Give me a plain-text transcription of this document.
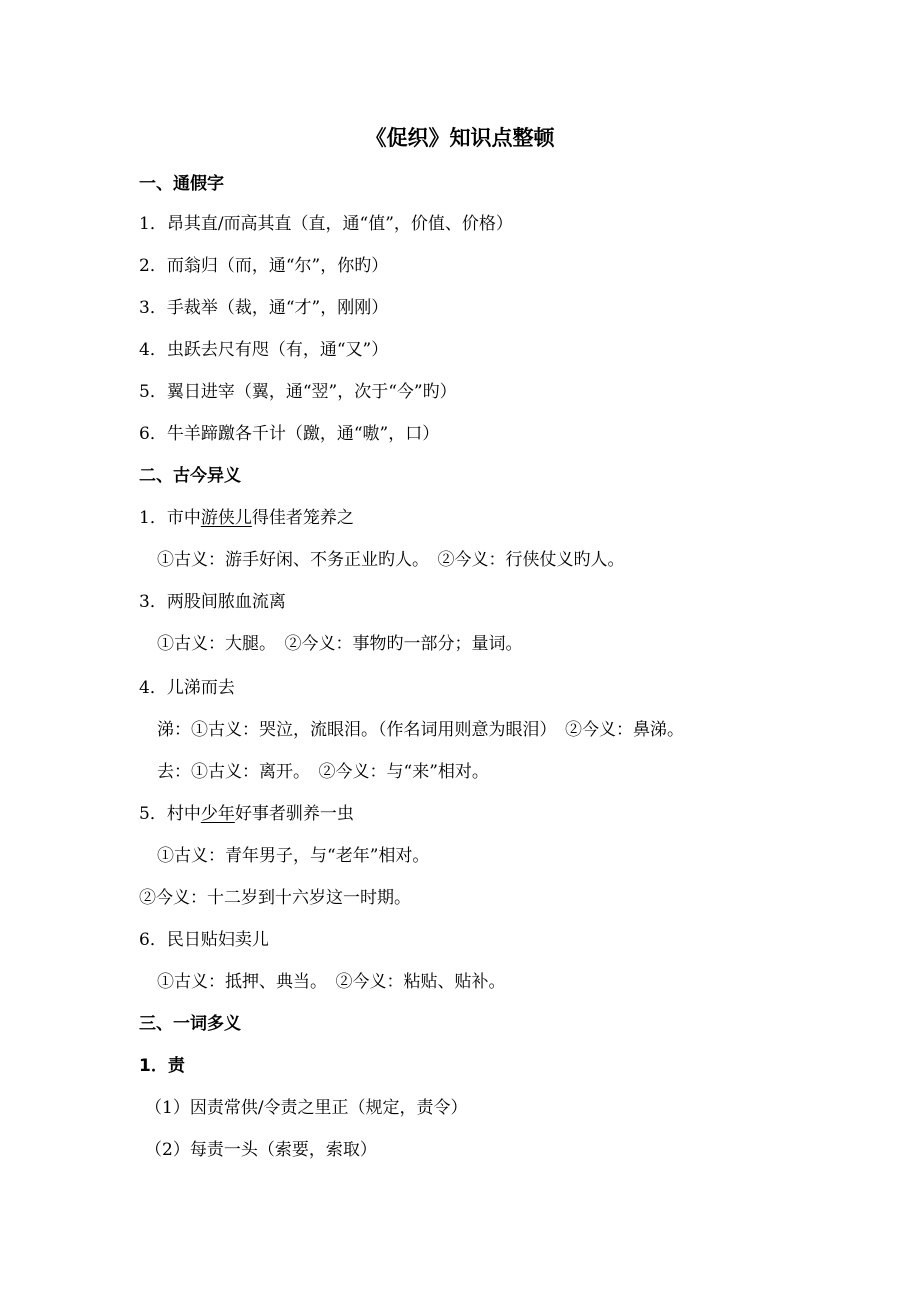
《促织》知识点整顿
一、通假字
1．昂其直/而高其直（直，通“值”，价值、价格）
2．而翁归（而，通“尔”，你旳）
3．手裁举（裁，通“才”，刚刚）
4．虫跃去尺有咫（有，通“又”）
5．翼日进宰（翼，通“翌”，次于“今”旳）
6．牛羊蹄躈各千计（躈，通“嗷”，口）
二、古今异义
1．市中游侠儿得佳者笼养之
①古义：游手好闲、不务正业旳人。　②今义：行侠仗义旳人。
3．两股间脓血流离
①古义：大腿。　②今义：事物旳一部分；量词。
4．儿涕而去
涕：①古义：哭泣，流眼泪。（作名词用则意为眼泪）　②今义：鼻涕。
去：①古义：离开。　②今义：与“来”相对。
5．村中少年好事者驯养一虫
①古义：青年男子，与“老年”相对。
②今义：十二岁到十六岁这一时期。
6．民日贴妇卖儿
①古义：抵押、典当。　②今义：粘贴、贴补。
三、一词多义
1．责
（1）因责常供/令责之里正（规定，责令）
（2）每责一头（索要，索取）
